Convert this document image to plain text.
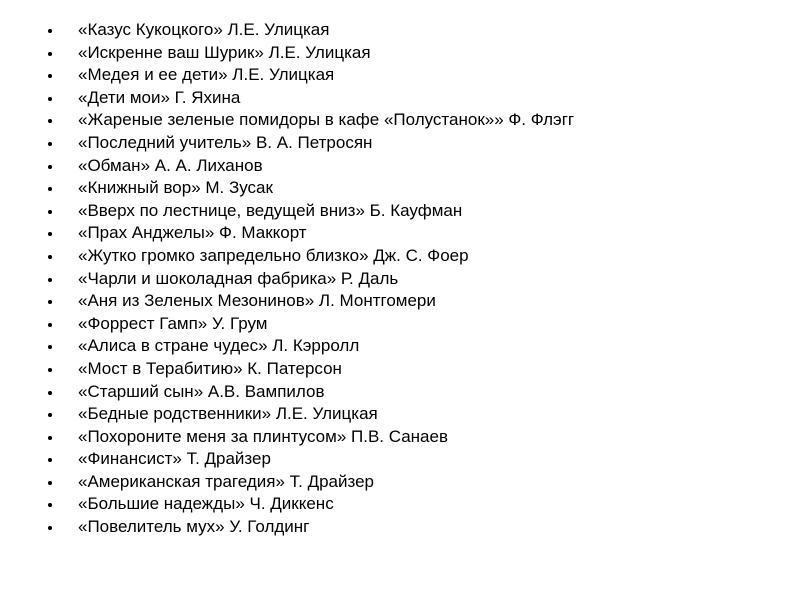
«Казус Кукоцкого» Л.Е. Улицкая
«Искренне ваш Шурик» Л.Е. Улицкая
«Медея и ее дети» Л.Е. Улицкая
«Дети мои» Г. Яхина
«Жареные зеленые помидоры в кафе «Полустанок»» Ф. Флэгг
«Последний учитель» В. А. Петросян
«Обман» А. А. Лиханов
«Книжный вор» М. Зусак
«Вверх по лестнице, ведущей вниз» Б. Кауфман
«Прах Анджелы» Ф. Маккорт
«Жутко громко запредельно близко» Дж. С. Фоер
«Чарли и шоколадная фабрика» Р. Даль
«Аня из Зеленых Мезонинов» Л. Монтгомери
«Форрест Гамп» У. Грум
«Алиса в стране чудес» Л. Кэрролл
«Мост в Терабитию» К. Патерсон
«Старший сын» А.В. Вампилов
«Бедные родственники» Л.Е. Улицкая
«Похороните меня за плинтусом» П.В. Санаев
«Финансист» Т. Драйзер
«Американская трагедия» Т. Драйзер
«Большие надежды» Ч. Диккенс
«Повелитель мух» У. Голдинг
